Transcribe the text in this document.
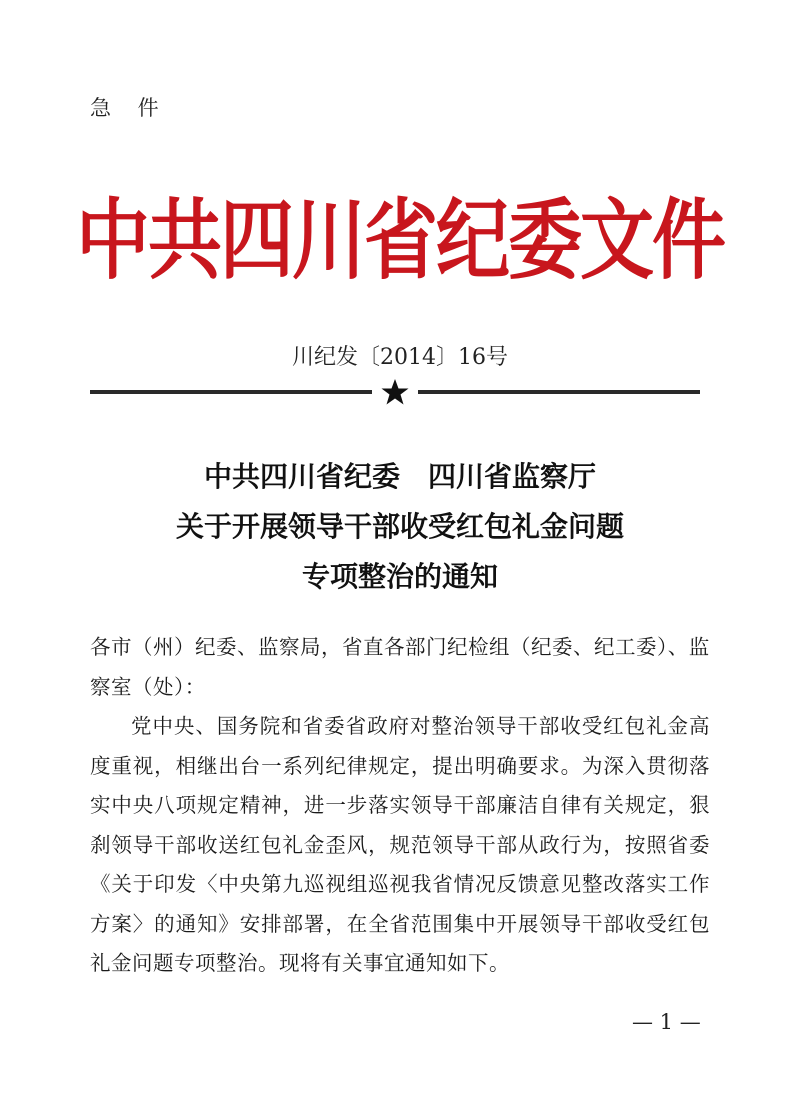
急 件
中共四川省纪委文件
川纪发〔2014〕16号
中共四川省纪委　四川省监察厅
关于开展领导干部收受红包礼金问题
专项整治的通知

各市（州）纪委、监察局，省直各部门纪检组（纪委、纪工委）、监察室（处）：

党中央、国务院和省委省政府对整治领导干部收受红包礼金高度重视，相继出台一系列纪律规定，提出明确要求。为深入贯彻落实中央八项规定精神，进一步落实领导干部廉洁自律有关规定，狠刹领导干部收送红包礼金歪风，规范领导干部从政行为，按照省委《关于印发〈中央第九巡视组巡视我省情况反馈意见整改落实工作方案〉的通知》安排部署，在全省范围集中开展领导干部收受红包礼金问题专项整治。现将有关事宜通知如下。

— 1 —
